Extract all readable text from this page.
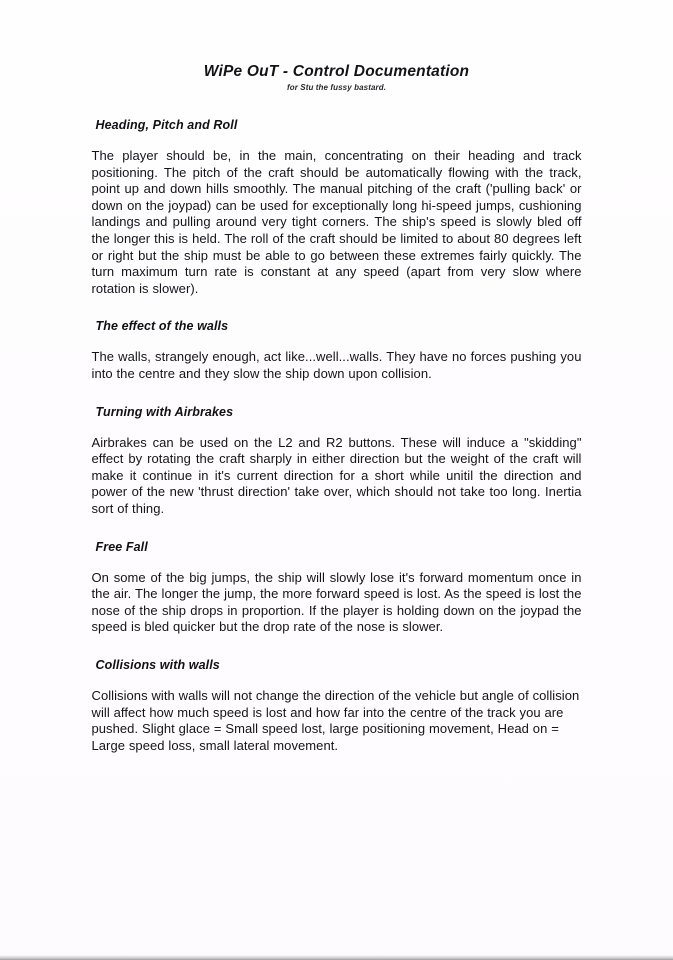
WiPe OuT - Control Documentation
for Stu the fussy bastard.
Heading, Pitch and Roll

The player should be, in the main, concentrating on their heading and track positioning. The pitch of the craft should be automatically flowing with the track, point up and down hills smoothly. The manual pitching of the craft ('pulling back' or down on the joypad) can be used for exceptionally long hi-speed jumps, cushioning landings and pulling around very tight corners. The ship's speed is slowly bled off the longer this is held. The roll of the craft should be limited to about 80 degrees left or right but the ship must be able to go between these extremes fairly quickly. The turn maximum turn rate is constant at any speed (apart from very slow where rotation is slower).

The effect of the walls

The walls, strangely enough, act like...well...walls. They have no forces pushing you into the centre and they slow the ship down upon collision.

Turning with Airbrakes

Airbrakes can be used on the L2 and R2 buttons. These will induce a "skidding" effect by rotating the craft sharply in either direction but the weight of the craft will make it continue in it's current direction for a short while unitil the direction and power of the new 'thrust direction' take over, which should not take too long. Inertia sort of thing.

Free Fall

On some of the big jumps, the ship will slowly lose it's forward momentum once in the air. The longer the jump, the more forward speed is lost. As the speed is lost the nose of the ship drops in proportion. If the player is holding down on the joypad the speed is bled quicker but the drop rate of the nose is slower.

Collisions with walls

Collisions with walls will not change the direction of the vehicle but angle of collision will affect how much speed is lost and how far into the centre of the track you are pushed. Slight glace = Small speed lost, large positioning movement, Head on = Large speed loss, small lateral movement.
